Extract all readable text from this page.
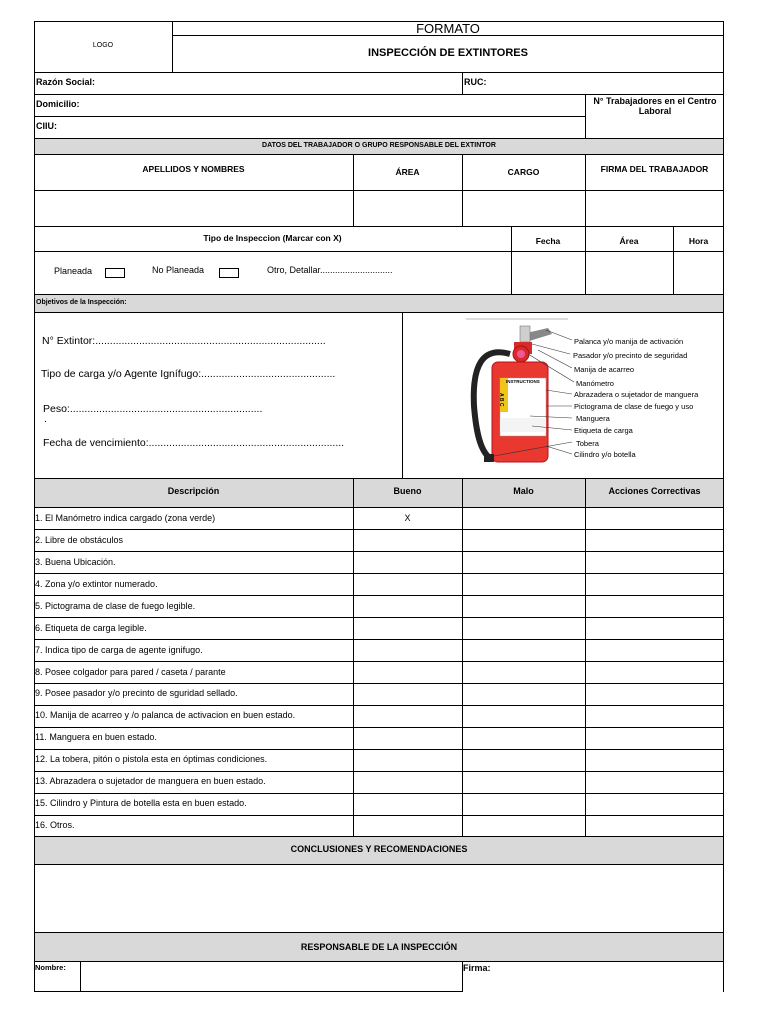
LOGO
FORMATO
INSPECCIÓN DE EXTINTORES
Razón Social:	RUC:
Domicilio:
CIIU:
N° Trabajadores en el Centro Laboral
DATOS DEL TRABAJADOR O GRUPO RESPONSABLE DEL EXTINTOR
APELLIDOS Y NOMBRES	ÁREA	CARGO	FIRMA DEL TRABAJADOR
Tipo de Inspeccion (Marcar con X)	Fecha	Área	Hora
Planeada	No Planeada	Otro, Detallar.............................
Objetivos de la Inspección:
N° Extintor:...............................................................................
Tipo de carga y/o Agente Ignífugo:..............................................
Peso:..................................................................
.
Fecha de vencimiento:...................................................................
INSTRUCTIONS
A B C
Palanca y/o manija de activación
Pasador y/o precinto de seguridad
Manija de acarreo
Manómetro
Abrazadera o sujetador de manguera
Pictograma de clase de fuego y uso
Manguera
Etiqueta de carga
Tobera
Cilindro y/o botella
Descripción	Bueno	Malo	Acciones Correctivas
1. El Manómetro indica cargado (zona verde)	X
2. Libre de obstáculos
3. Buena Ubicación.
4. Zona y/o extintor numerado.
5. Pictograma de clase de fuego legible.
6. Etiqueta de carga legible.
7. Indica tipo de carga de agente ignifugo.
8. Posee colgador para pared / caseta / parante
9. Posee pasador y/o precinto de sguridad sellado.
10. Manija de acarreo y /o palanca de activacion en buen estado.
11. Manguera en buen estado.
12. La tobera, pitón o pistola esta en óptimas condiciones.
13. Abrazadera o sujetador de manguera en buen estado.
15. Cilindro y Pintura de botella esta en buen estado.
16. Otros.
CONCLUSIONES Y RECOMENDACIONES
RESPONSABLE DE LA INSPECCIÓN
Nombre:	Firma:
